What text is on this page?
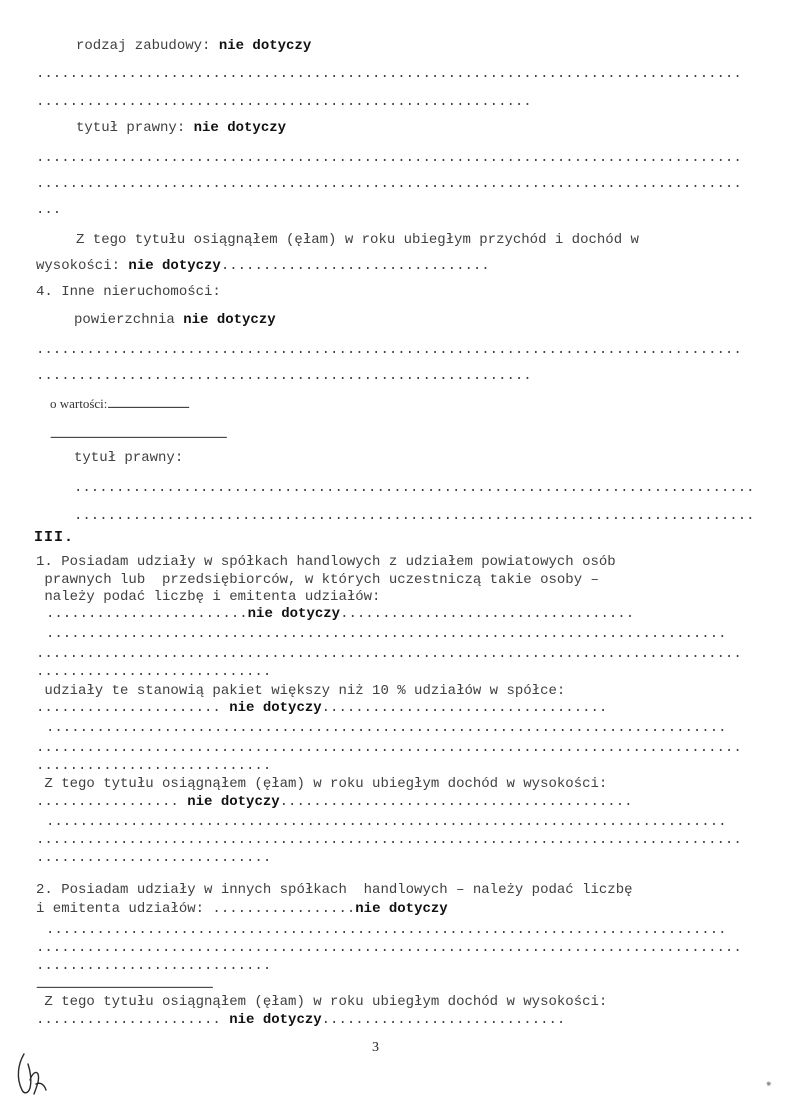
rodzaj zabudowy: nie dotyczy
....................................................................................
...........................................................
tytuł prawny: nie dotyczy
....................................................................................
....................................................................................
...
Z tego tytułu osiągnąłem (ęłam) w roku ubiegłym przychód i dochód w
wysokości: nie dotyczy................................
4. Inne nieruchomości:
powierzchnia nie dotyczy
....................................................................................
...........................................................
o wartości:.................................................................................
................................................................................................................................................................................
tytuł prawny:
.................................................................................
.................................................................................
III.
1. Posiadam udziały w spółkach handlowych z udziałem powiatowych osób
prawnych lub  przedsiębiorców, w których uczestniczą takie osoby –
należy podać liczbę i emitenta udziałów:
........................nie dotyczy...................................
.................................................................................
....................................................................................
............................
udziały te stanowią pakiet większy niż 10 % udziałów w spółce:
...................... nie dotyczy..................................
.................................................................................
....................................................................................
............................
Z tego tytułu osiągnąłem (ęłam) w roku ubiegłym dochód w wysokości:
................. nie dotyczy..........................................
.................................................................................
....................................................................................
............................
2. Posiadam udziały w innych spółkach  handlowych – należy podać liczbę
i emitenta udziałów: .................nie dotyczy
.................................................................................
....................................................................................
............................
................................................................................................................................................................................
Z tego tytułu osiągnąłem (ęłam) w roku ubiegłym dochód w wysokości:
...................... nie dotyczy.............................
3
⁕
